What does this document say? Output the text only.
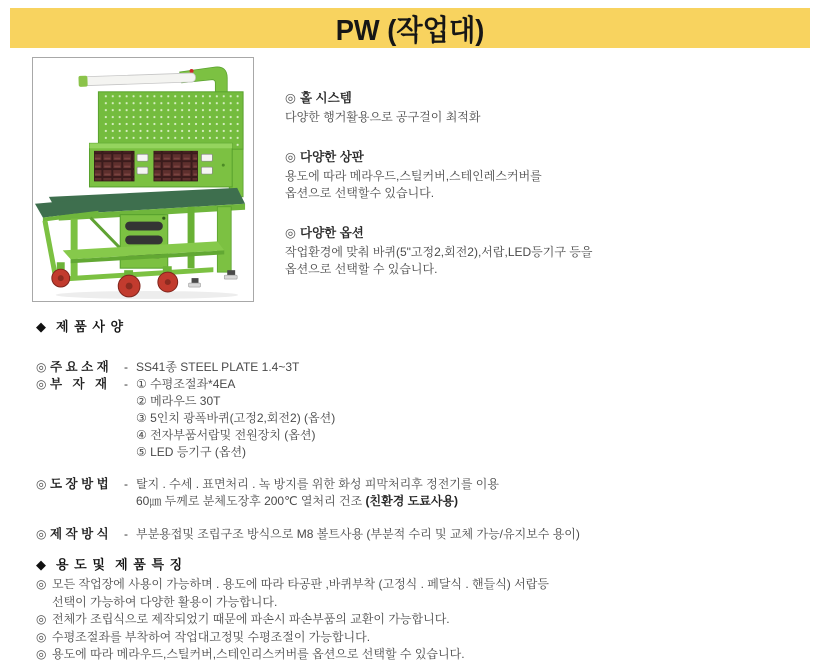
PW (작업대)
◎ 홀 시스템
다양한 행거활용으로 공구걸이 최적화
◎ 다양한 상판
용도에 따라 메라우드,스틸커버,스테인레스커버를
옵션으로 선택할수 있습니다.
◎ 다양한 옵션
작업환경에 맞춰 바퀴(5"고정2,회전2),서랍,LED등기구 등을
옵션으로 선택할 수 있습니다.
◆ 제 품 사 양
◎ 주 요 소 재	- SS41종 STEEL PLATE 1.4~3T
◎ 부   자   재	- ① 수평조절좌*4EA
② 메라우드 30T
③ 5인치 광폭바퀴(고정2,회전2) (옵션)
④ 전자부품서랍및 전원장치 (옵션)
⑤ LED 등기구 (옵션)
◎ 도 장 방 법	- 탈지 . 수세 . 표면처리 . 녹 방지를 위한 화성 피막처리후 정전기를 이용
60㎛ 두께로 분체도장후 200℃ 열처리 건조 (친환경 도료사용)
◎ 제 작 방 식	- 부분용접및 조립구조 방식으로 M8 볼트사용 (부분적 수리 및 교체 가능/유지보수 용이)
◆ 용 도 및  제 품 특 징
◎ 모든 작업장에 사용이 가능하며 . 용도에 따라 타공판 ,바퀴부착 (고정식 . 페달식 . 핸들식) 서랍등
선택이 가능하여 다양한 활용이 가능합니다.
◎ 전체가 조립식으로 제작되었기 때문에 파손시 파손부품의 교환이 가능합니다.
◎ 수평조절좌를 부착하여 작업대고정및 수평조절이 가능합니다.
◎ 용도에 따라 메라우드,스틸커버,스테인리스커버를 옵션으로 선택할 수 있습니다.
